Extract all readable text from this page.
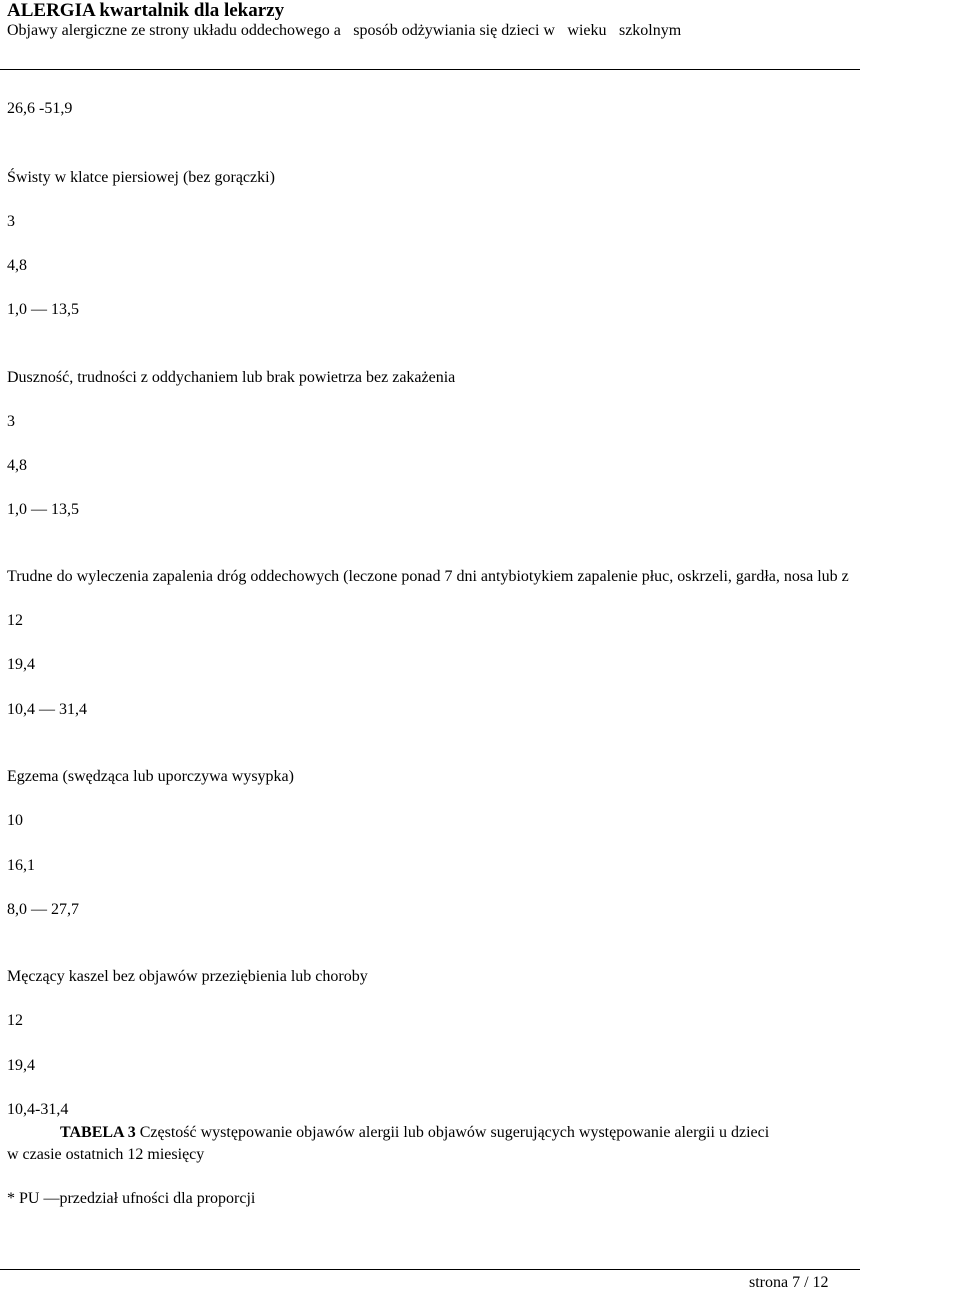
ALERGIA kwartalnik dla lekarzy
Objawy alergiczne ze strony układu oddechowego a sposób odżywiania się dzieci w wieku szkolnym
26,6 -51,9
Świsty w klatce piersiowej (bez gorączki)
3
4,8
1,0 — 13,5
Duszność, trudności z oddychaniem lub brak powietrza bez zakażenia
3
4,8
1,0 — 13,5
Trudne do wyleczenia zapalenia dróg oddechowych (leczone ponad 7 dni antybiotykiem zapalenie płuc, oskrzeli, gardła, nosa lub z
12
19,4
10,4 — 31,4
Egzema (swędząca lub uporczywa wysypka)
10
16,1
8,0 — 27,7
Męczący kaszel bez objawów przeziębienia lub choroby
12
19,4
10,4-31,4
TABELA 3 Częstość występowanie objawów alergii lub objawów sugerujących występowanie alergii u dzieci
w czasie ostatnich 12 miesięcy
* PU —przedział ufności dla proporcji
strona 7 / 12
